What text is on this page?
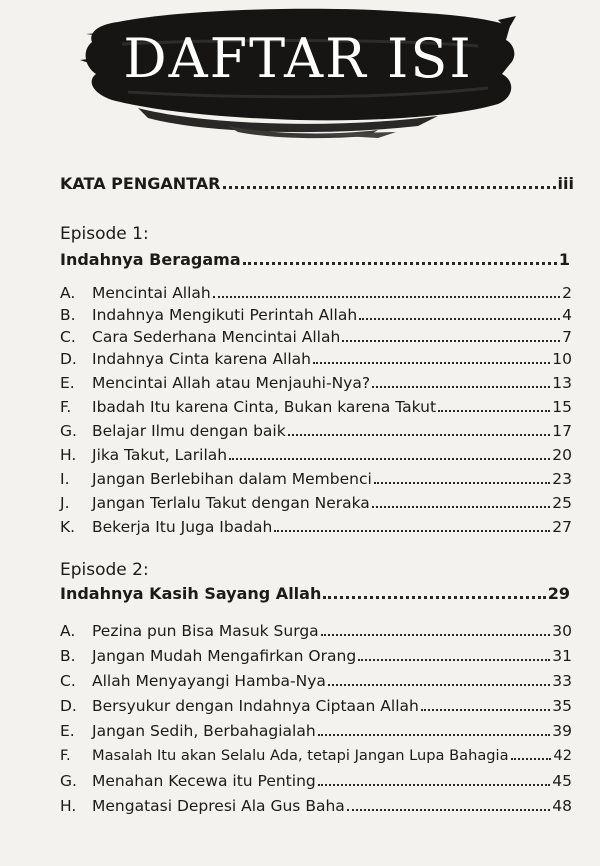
DAFTAR ISI
KATA PENGANTAR	iii
Episode 1:
Indahnya Beragama	1
A.	Mencintai Allah	2
B.	Indahnya Mengikuti Perintah Allah	4
C.	Cara Sederhana Mencintai Allah	7
D. Indahnya Cinta karena Allah	10
E.	Mencintai Allah atau Menjauhi-Nya?	13
F.	Ibadah Itu karena Cinta, Bukan karena Takut	15
G. Belajar Ilmu dengan baik	17
H.	Jika Takut, Larilah	20
I.	Jangan Berlebihan dalam Membenci	23
J.	Jangan Terlalu Takut dengan Neraka	25
K.	Bekerja Itu Juga Ibadah	27
Episode 2:
Indahnya Kasih Sayang Allah	29
A.	Pezina pun Bisa Masuk Surga	30
B.	Jangan Mudah Mengafirkan Orang	31
C.	Allah Menyayangi Hamba-Nya	33
D. Bersyukur dengan Indahnya Ciptaan Allah	35
E.	Jangan Sedih, Berbahagialah	39
F.	Masalah Itu akan Selalu Ada, tetapi Jangan Lupa Bahagia	42
G. Menahan Kecewa itu Penting	45
H.	Mengatasi Depresi Ala Gus Baha	48
